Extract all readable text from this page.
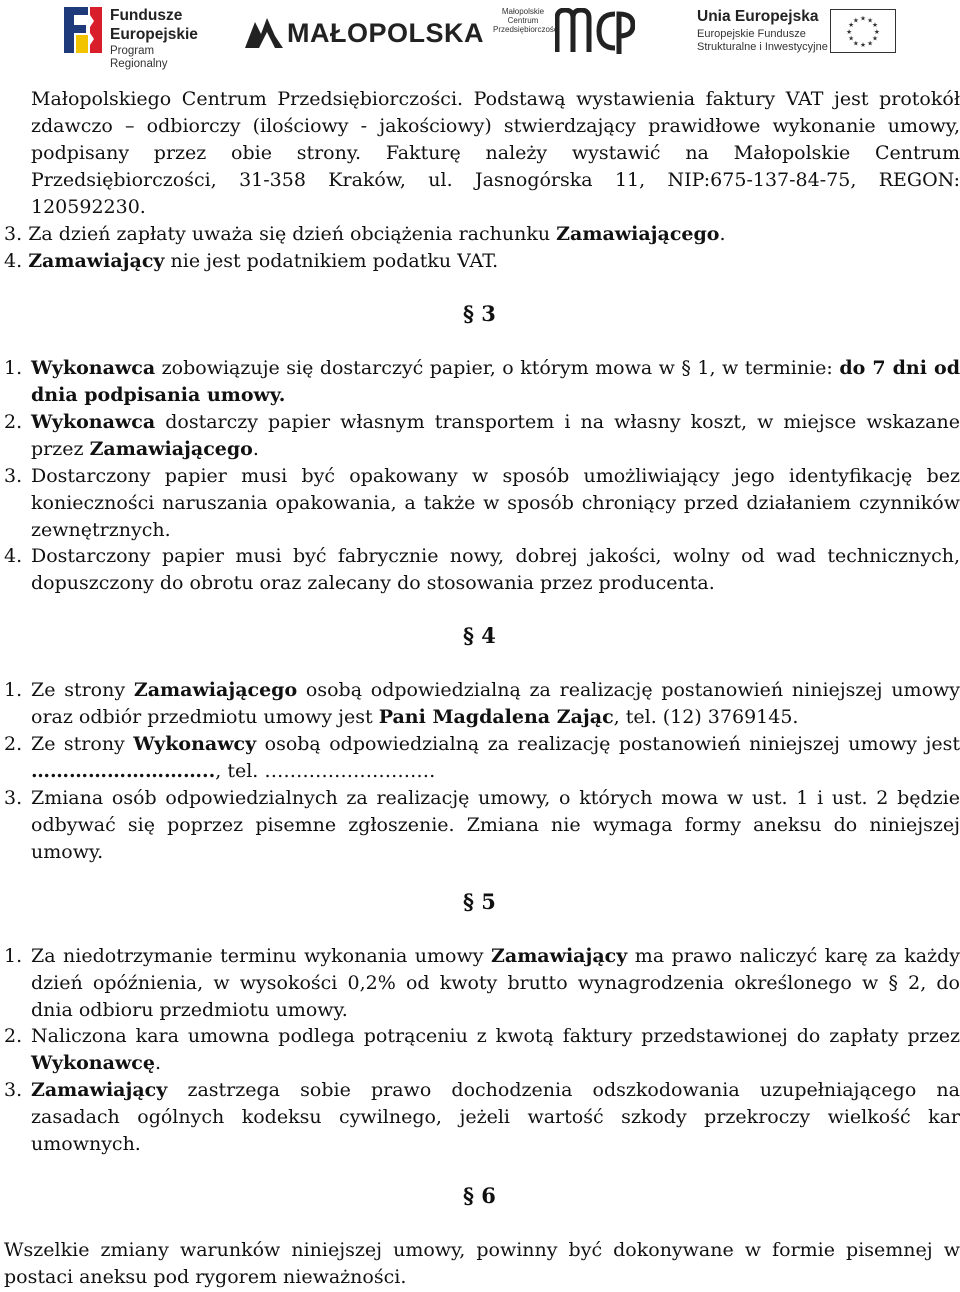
Fundusze
Europejskie
Program Regionalny
MAŁOPOLSKA
Małopolskie Centrum Przedsiębiorczości
Unia Europejska
Europejskie Fundusze
Strukturalne i Inwestycyjne
★ ★
★
★
★
★
★
★
★
★
★
★
Małopolskiego Centrum Przedsiębiorczości. Podstawą wystawienia faktury VAT jest protokół
zdawczo – odbiorczy (ilościowy - jakościowy) stwierdzający prawidłowe wykonanie umowy,
podpisany przez obie strony. Fakturę należy wystawić na Małopolskie Centrum
Przedsiębiorczości, 31-358 Kraków, ul. Jasnogórska 11, NIP:675-137-84-75, REGON:
120592230.
3. Za dzień zapłaty uważa się dzień obciążenia rachunku Zamawiającego.
4. Zamawiający nie jest podatnikiem podatku VAT.
§ 3
1. Wykonawca zobowiązuje się dostarczyć papier, o którym mowa w § 1, w terminie: do 7 dni od
dnia podpisania umowy.
2. Wykonawca dostarczy papier własnym transportem i na własny koszt, w miejsce wskazane
przez Zamawiającego.
3. Dostarczony papier musi być opakowany w sposób umożliwiający jego identyfikację bez
konieczności naruszania opakowania, a także w sposób chroniący przed działaniem czynników
zewnętrznych.
4. Dostarczony papier musi być fabrycznie nowy, dobrej jakości, wolny od wad technicznych,
dopuszczony do obrotu oraz zalecany do stosowania przez producenta.
§ 4
1. Ze strony Zamawiającego osobą odpowiedzialną za realizację postanowień niniejszej umowy
oraz odbiór przedmiotu umowy jest Pani Magdalena Zając, tel. (12) 3769145.
2. Ze strony Wykonawcy osobą odpowiedzialną za realizację postanowień niniejszej umowy jest
……………………….., tel. ………………………
3. Zmiana osób odpowiedzialnych za realizację umowy, o których mowa w ust. 1 i ust. 2 będzie
odbywać się poprzez pisemne zgłoszenie. Zmiana nie wymaga formy aneksu do niniejszej
umowy.
§ 5
1. Za niedotrzymanie terminu wykonania umowy Zamawiający ma prawo naliczyć karę za każdy
dzień opóźnienia, w wysokości 0,2% od kwoty brutto wynagrodzenia określonego w § 2, do
dnia odbioru przedmiotu umowy.
2. Naliczona kara umowna podlega potrąceniu z kwotą faktury przedstawionej do zapłaty przez
Wykonawcę.
3. Zamawiający zastrzega sobie prawo dochodzenia odszkodowania uzupełniającego na
zasadach ogólnych kodeksu cywilnego, jeżeli wartość szkody przekroczy wielkość kar
umownych.
§ 6
Wszelkie zmiany warunków niniejszej umowy, powinny być dokonywane w formie pisemnej w
postaci aneksu pod rygorem nieważności.
